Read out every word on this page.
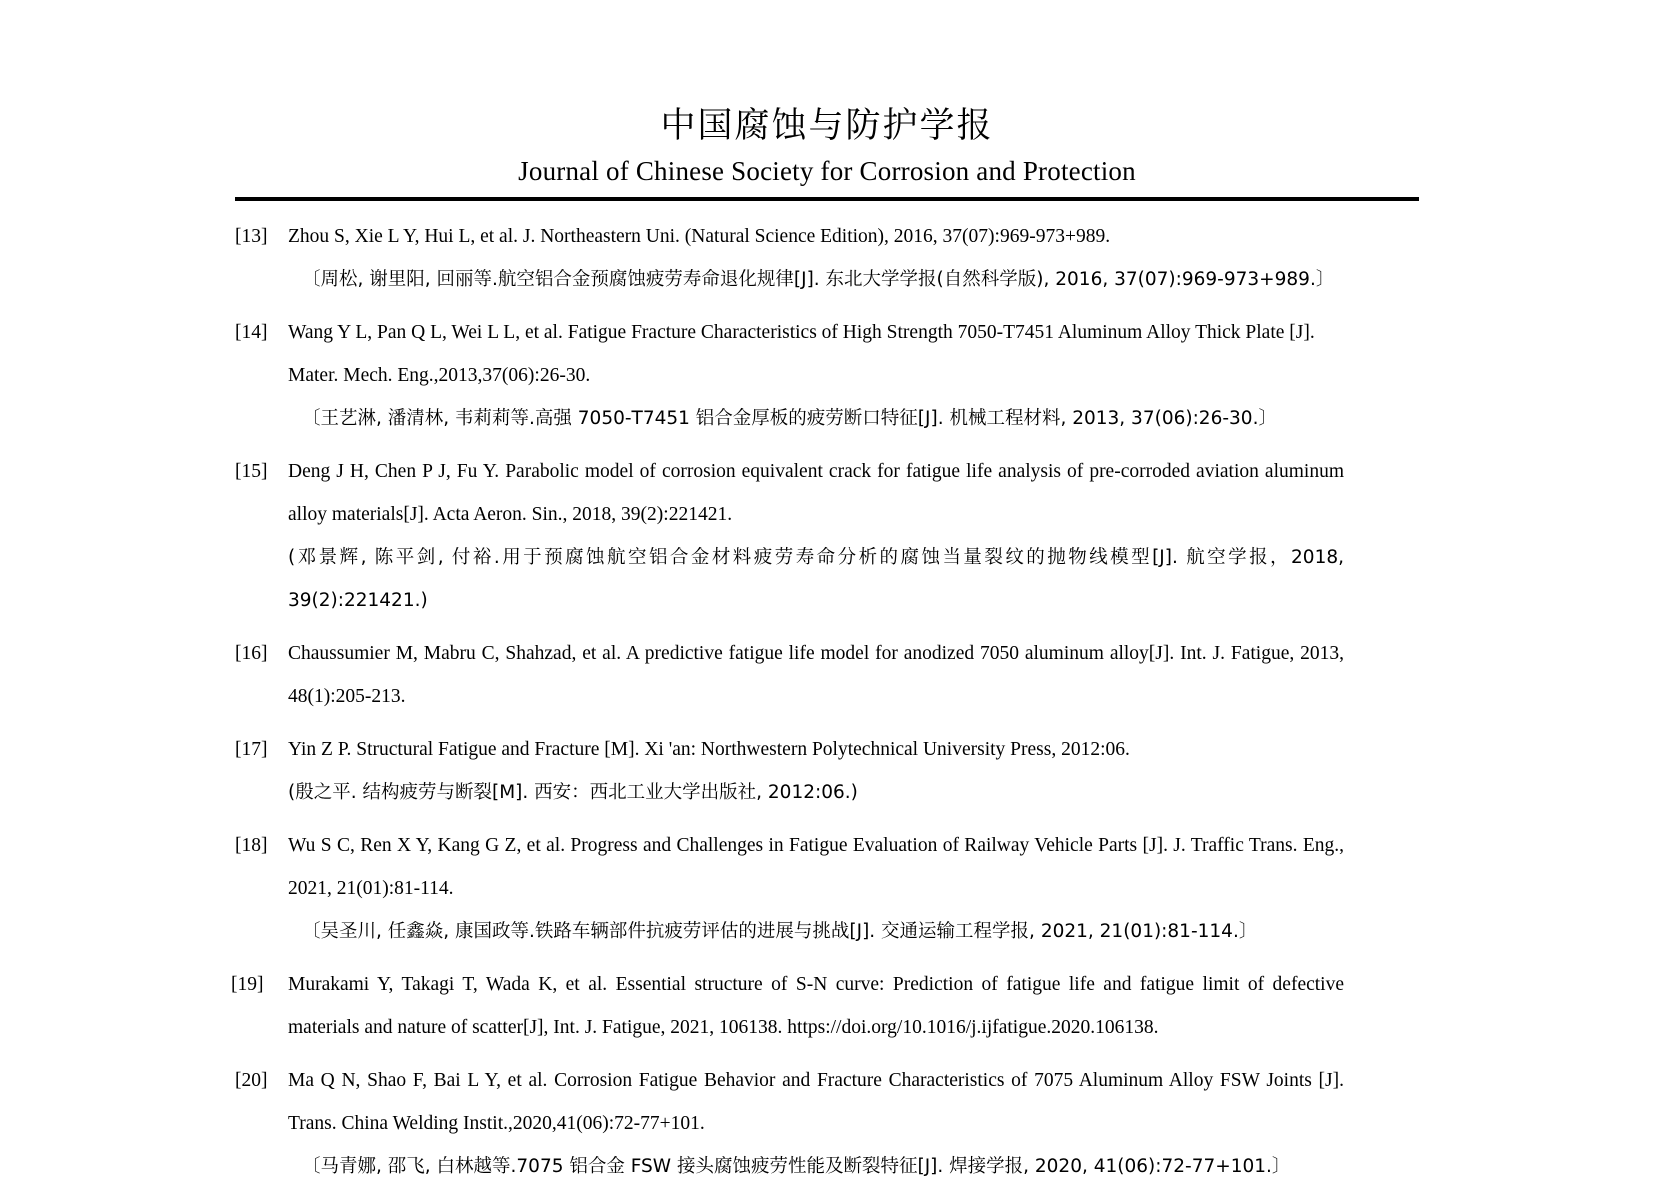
中国腐蚀与防护学报
Journal of Chinese Society for Corrosion and Protection
[13]	Zhou S, Xie L Y, Hui L, et al. J. Northeastern Uni. (Natural Science Edition), 2016, 37(07):969-973+989.
〔周松, 谢里阳, 回丽等.航空铝合金预腐蚀疲劳寿命退化规律[J]. 东北大学学报(自然科学版), 2016, 37(07):969-973+989.〕
[14]	Wang Y L, Pan Q L, Wei L L, et al. Fatigue Fracture Characteristics of High Strength 7050-T7451 Aluminum Alloy Thick Plate [J]. Mater. Mech. Eng.,2013,37(06):26-30.
〔王艺淋, 潘清林, 韦莉莉等.高强 7050-T7451 铝合金厚板的疲劳断口特征[J]. 机械工程材料, 2013, 37(06):26-30.〕
[15]	Deng J H, Chen P J, Fu Y. Parabolic model of corrosion equivalent crack for fatigue life analysis of pre-corroded aviation aluminum alloy materials[J]. Acta Aeron. Sin., 2018, 39(2):221421.
(邓景辉, 陈平剑, 付裕.用于预腐蚀航空铝合金材料疲劳寿命分析的腐蚀当量裂纹的抛物线模型[J]. 航空学报，2018, 39(2):221421.)
[16]	Chaussumier M, Mabru C, Shahzad, et al. A predictive fatigue life model for anodized 7050 aluminum alloy[J]. Int. J. Fatigue, 2013, 48(1):205-213.
[17]	Yin Z P. Structural Fatigue and Fracture [M]. Xi 'an: Northwestern Polytechnical University Press, 2012:06.
(殷之平. 结构疲劳与断裂[M]. 西安：西北工业大学出版社, 2012:06.)
[18]	Wu S C, Ren X Y, Kang G Z, et al. Progress and Challenges in Fatigue Evaluation of Railway Vehicle Parts [J]. J. Traffic Trans. Eng., 2021, 21(01):81-114.
〔吴圣川, 任鑫焱, 康国政等.铁路车辆部件抗疲劳评估的进展与挑战[J]. 交通运输工程学报, 2021, 21(01):81-114.〕
[19]	Murakami Y, Takagi T, Wada K, et al. Essential structure of S-N curve: Prediction of fatigue life and fatigue limit of defective materials and nature of scatter[J], Int. J. Fatigue, 2021, 106138. https://doi.org/10.1016/j.ijfatigue.2020.106138.
[20]	Ma Q N, Shao F, Bai L Y, et al. Corrosion Fatigue Behavior and Fracture Characteristics of 7075 Aluminum Alloy FSW Joints [J]. Trans. China Welding Instit.,2020,41(06):72-77+101.
〔马青娜, 邵飞, 白林越等.7075 铝合金 FSW 接头腐蚀疲劳性能及断裂特征[J]. 焊接学报, 2020, 41(06):72-77+101.〕
